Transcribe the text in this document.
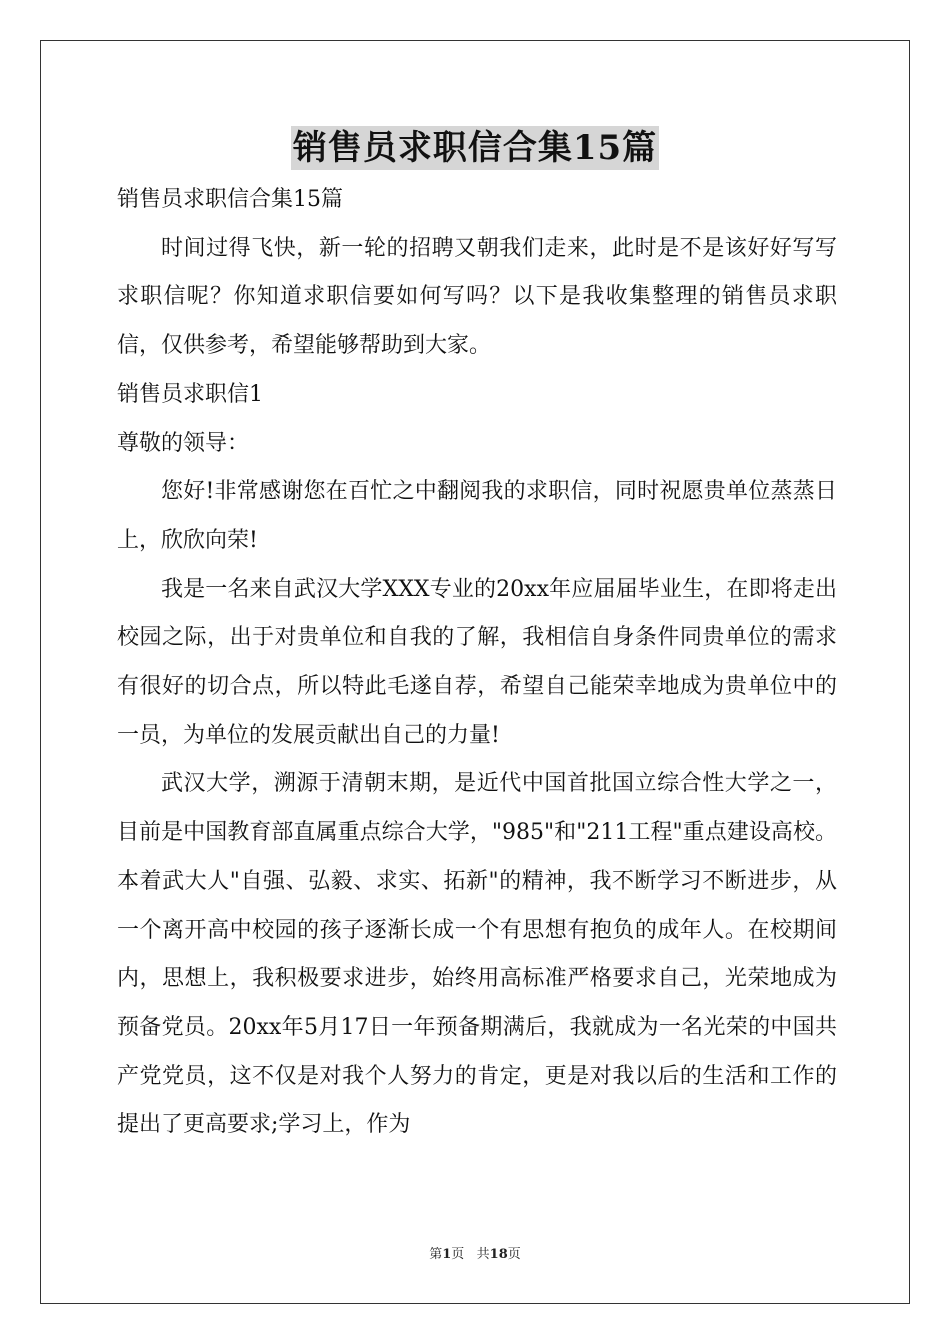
销售员求职信合集15篇

销售员求职信合集15篇

时间过得飞快，新一轮的招聘又朝我们走来，此时是不是该好好写写求职信呢？你知道求职信要如何写吗？以下是我收集整理的销售员求职信，仅供参考，希望能够帮助到大家。

销售员求职信1

尊敬的领导：

您好!非常感谢您在百忙之中翻阅我的求职信，同时祝愿贵单位蒸蒸日上，欣欣向荣!

我是一名来自武汉大学XXX专业的20xx年应届届毕业生，在即将走出校园之际，出于对贵单位和自我的了解，我相信自身条件同贵单位的需求有很好的切合点，所以特此毛遂自荐，希望自己能荣幸地成为贵单位中的一员，为单位的发展贡献出自己的力量!

武汉大学，溯源于清朝末期，是近代中国首批国立综合性大学之一，目前是中国教育部直属重点综合大学，"985"和"211工程"重点建设高校。本着武大人"自强、弘毅、求实、拓新"的精神，我不断学习不断进步，从一个离开高中校园的孩子逐渐长成一个有思想有抱负的成年人。在校期间内，思想上，我积极要求进步，始终用高标准严格要求自己，光荣地成为预备党员。20xx年5月17日一年预备期满后，我就成为一名光荣的中国共产党党员，这不仅是对我个人努力的肯定，更是对我以后的生活和工作的提出了更高要求;学习上，作为

第1页   共18页
